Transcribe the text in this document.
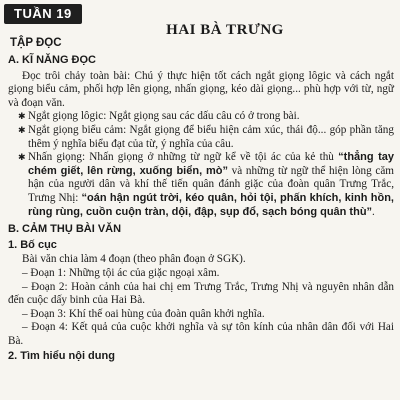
TUẦN 19
TẬP ĐỌC
HAI BÀ TRƯNG
A. KĨ NĂNG ĐỌC

Đọc trôi chảy toàn bài: Chú ý thực hiện tốt cách ngắt giọng lôgic và cách ngắt giọng biểu cảm, phối hợp lên giọng, nhấn giọng, kéo dài giọng... phù hợp với từ, ngữ và đoạn văn.

✱ Ngắt giọng lôgic: Ngắt giọng sau các dấu câu có ở trong bài.
✱ Ngắt giọng biểu cảm: Ngắt giọng để biểu hiện cảm xúc, thái độ... góp phần tăng thêm ý nghĩa biểu đạt của từ, ý nghĩa của câu.
✱ Nhấn giọng: Nhấn giọng ở những từ ngữ kể về tội ác của kẻ thù “thẳng tay chém giết, lên rừng, xuống biển, mò” và những từ ngữ thể hiện lòng căm hận của người dân và khí thế tiến quân đánh giặc của đoàn quân Trưng Trắc, Trưng Nhị: “oán hận ngút trời, kéo quân, hỏi tội, phấn khích, kinh hồn, rùng rùng, cuồn cuộn tràn, dội, đập, sụp đổ, sạch bóng quân thù”.
B. CẢM THỤ BÀI VĂN
1. Bố cục

Bài văn chia làm 4 đoạn (theo phân đoạn ở SGK).

– Đoạn 1: Những tội ác của giặc ngoại xâm.

– Đoạn 2: Hoàn cảnh của hai chị em Trưng Trắc, Trưng Nhị và nguyên nhân dẫn đến cuộc dấy binh của Hai Bà.

– Đoạn 3: Khí thế oai hùng của đoàn quân khởi nghĩa.

– Đoạn 4: Kết quả của cuộc khởi nghĩa và sự tôn kính của nhân dân đối với Hai Bà.

2. Tìm hiểu nội dung
